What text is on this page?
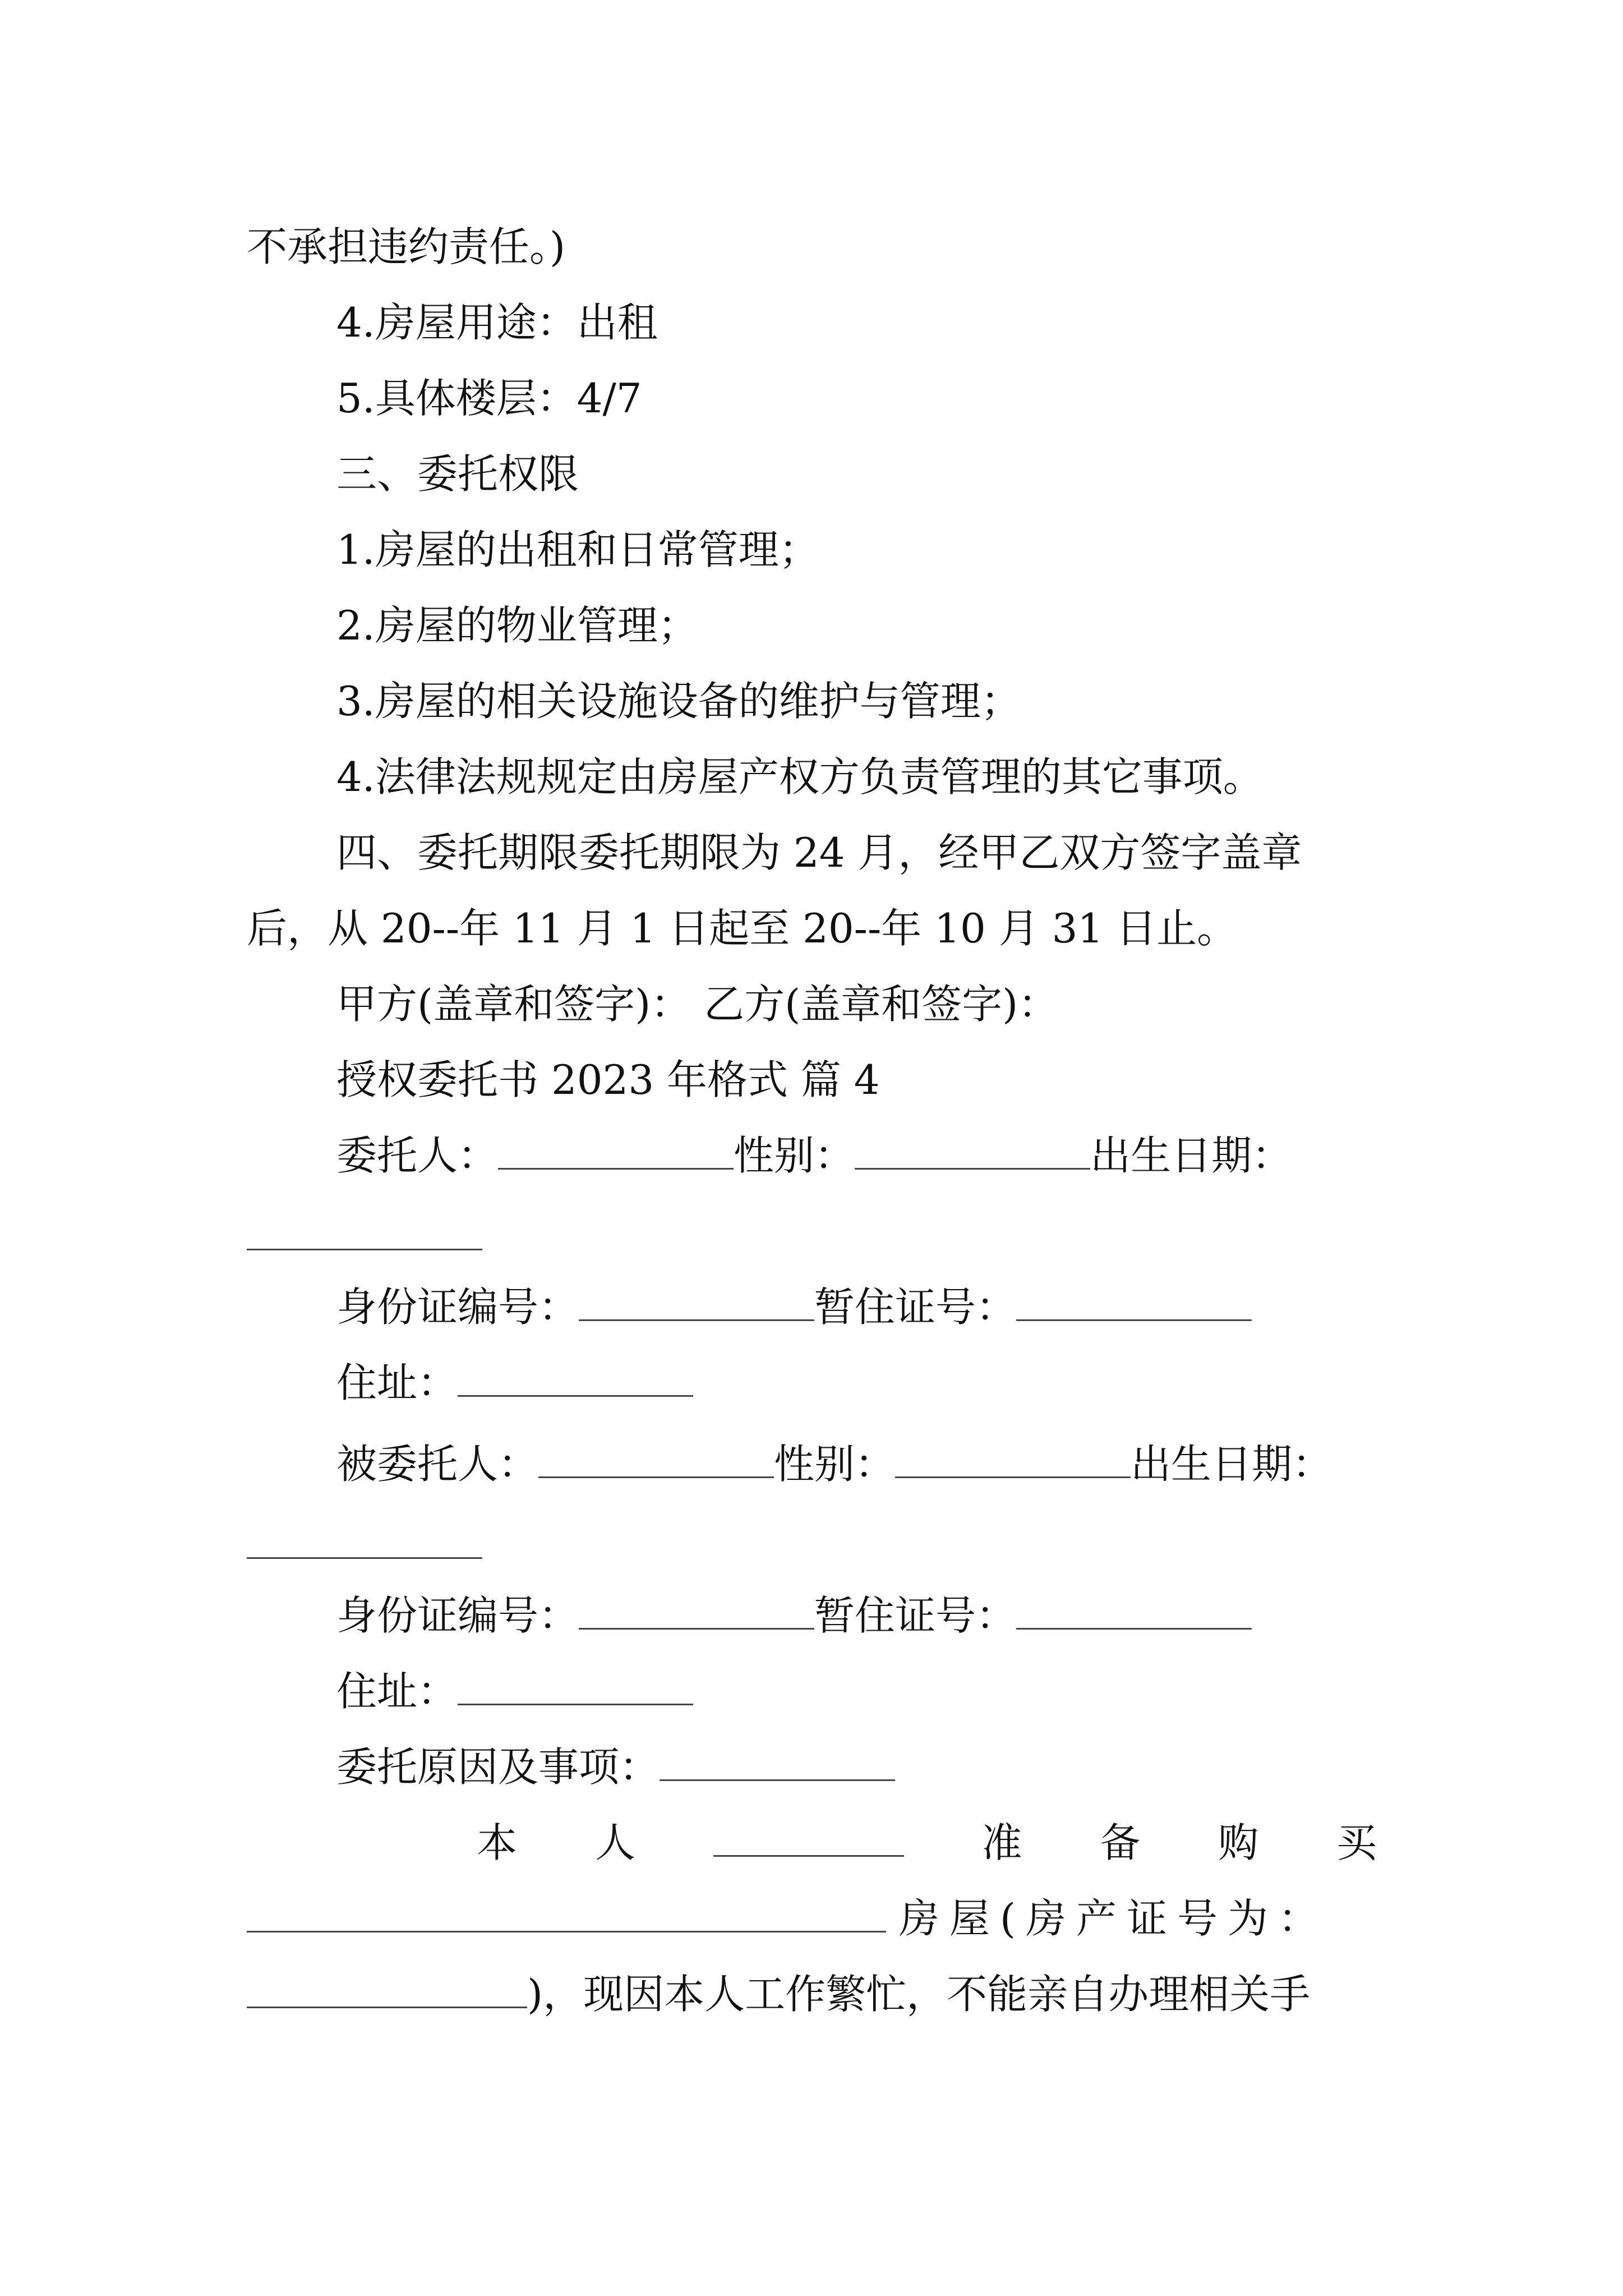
不承担违约责任。)
4.房屋用途：出租
5.具体楼层：4/7
三、委托权限
1.房屋的出租和日常管理；
2.房屋的物业管理；
3.房屋的相关设施设备的维护与管理；
4.法律法规规定由房屋产权方负责管理的其它事项。
四、委托期限委托期限为 24 月，经甲乙双方签字盖章
后，从 20--年 11 月 1 日起至 20--年 10 月 31 日止。
甲方(盖章和签字)： 乙方(盖章和签字)：
授权委托书 2023 年格式 篇 4
委托人：	性别：	出生日期：
身份证编号：	暂住证号：
住址：
被委托人：	性别：	出生日期：
身份证编号：	暂住证号：
住址：
委托原因及事项：
本 人	准 备 购 买
房屋(房产证号为：
)，现因本人工作繁忙，不能亲自办理相关手
